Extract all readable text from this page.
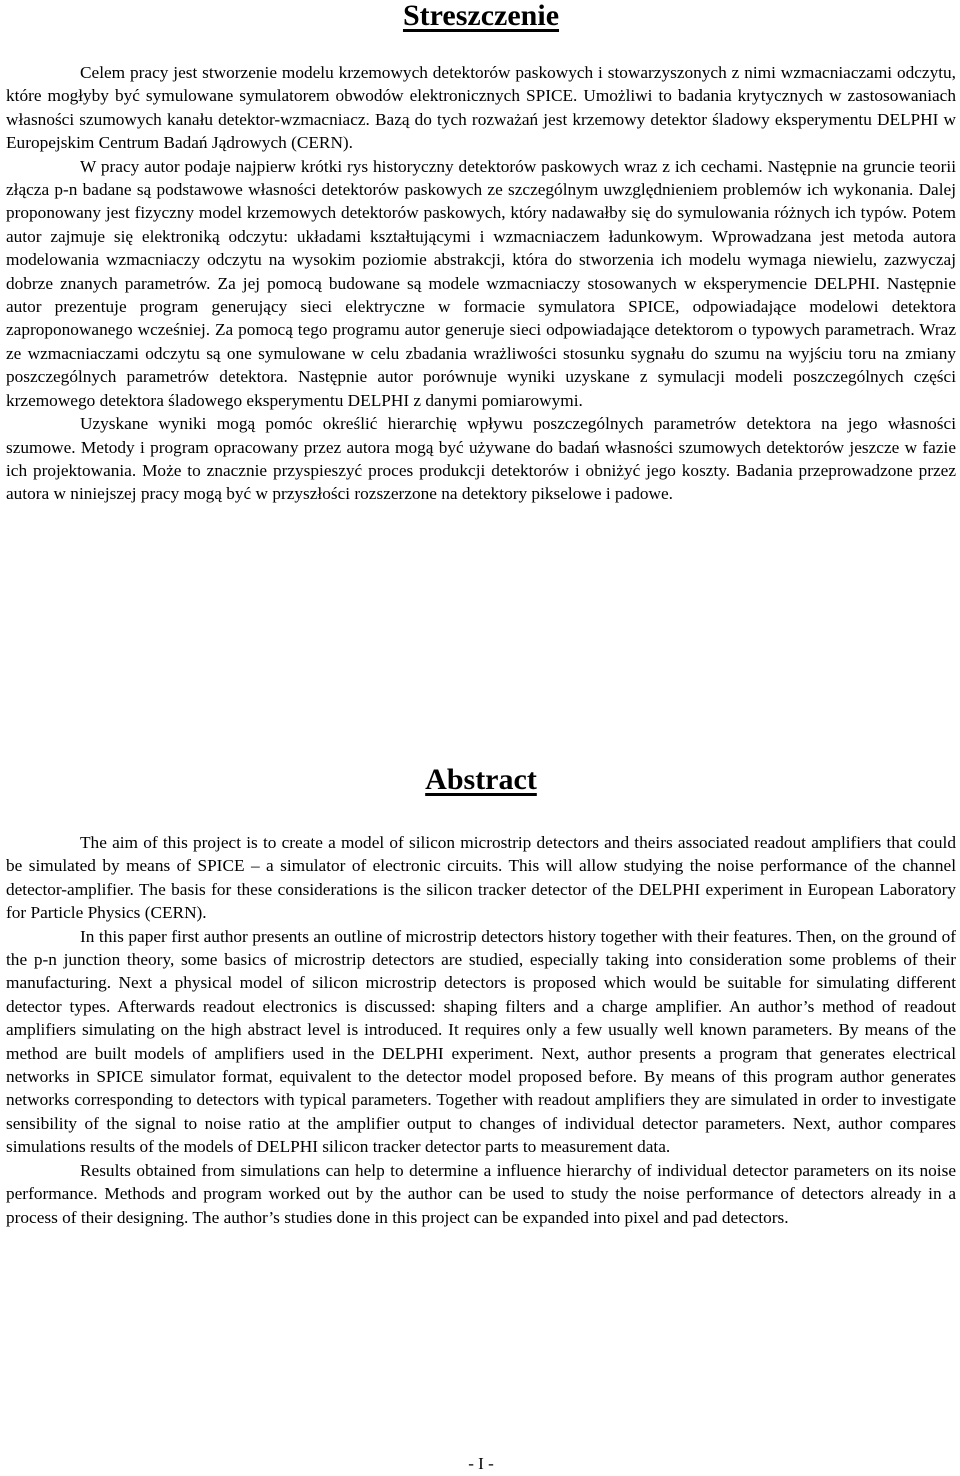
Streszczenie

Celem pracy jest stworzenie modelu krzemowych detektorów paskowych i stowarzyszonych z nimi wzmacniaczami odczytu, które mogłyby być symulowane symulatorem obwodów elektronicznych SPICE. Umożliwi to badania krytycznych w zastosowaniach własności szumowych kanału detektor-wzmacniacz. Bazą do tych rozważań jest krzemowy detektor śladowy eksperymentu DELPHI w Europejskim Centrum Badań Jądrowych (CERN).

W pracy autor podaje najpierw krótki rys historyczny detektorów paskowych wraz z ich cechami. Następnie na gruncie teorii złącza p-n badane są podstawowe własności detektorów paskowych ze szczególnym uwzględnieniem problemów ich wykonania. Dalej proponowany jest fizyczny model krzemowych detektorów paskowych, który nadawałby się do symulowania różnych ich typów. Potem autor zajmuje się elektroniką odczytu: układami kształtującymi i wzmacniaczem ładunkowym. Wprowadzana jest metoda autora modelowania wzmacniaczy odczytu na wysokim poziomie abstrakcji, która do stworzenia ich modelu wymaga niewielu, zazwyczaj dobrze znanych parametrów. Za jej pomocą budowane są modele wzmacniaczy stosowanych w eksperymencie DELPHI. Następnie autor prezentuje program generujący sieci elektryczne w formacie symulatora SPICE, odpowiadające modelowi detektora zaproponowanego wcześniej. Za pomocą tego programu autor generuje sieci odpowiadające detektorom o typowych parametrach. Wraz ze wzmacniaczami odczytu są one symulowane w celu zbadania wrażliwości stosunku sygnału do szumu na wyjściu toru na zmiany poszczególnych parametrów detektora. Następnie autor porównuje wyniki uzyskane z symulacji modeli poszczególnych części krzemowego detektora śladowego eksperymentu DELPHI z danymi pomiarowymi.

Uzyskane wyniki mogą pomóc określić hierarchię wpływu poszczególnych parametrów detektora na jego własności szumowe. Metody i program opracowany przez autora mogą być używane do badań własności szumowych detektorów jeszcze w fazie ich projektowania. Może to znacznie przyspieszyć proces produkcji detektorów i obniżyć jego koszty. Badania przeprowadzone przez autora w niniejszej pracy mogą być w przyszłości rozszerzone na detektory pikselowe i padowe.

Abstract

The aim of this project is to create a model of silicon microstrip detectors and theirs associated readout amplifiers that could be simulated by means of SPICE – a simulator of electronic circuits. This will allow studying the noise performance of the channel detector-amplifier. The basis for these considerations is the silicon tracker detector of the DELPHI experiment in European Laboratory for Particle Physics (CERN).

In this paper first author presents an outline of microstrip detectors history together with their features. Then, on the ground of the p-n junction theory, some basics of microstrip detectors are studied, especially taking into consideration some problems of their manufacturing. Next a physical model of silicon microstrip detectors is proposed which would be suitable for simulating different detector types. Afterwards readout electronics is discussed: shaping filters and a charge amplifier. An author’s method of readout amplifiers simulating on the high abstract level is introduced. It requires only a few usually well known parameters. By means of the method are built models of amplifiers used in the DELPHI experiment. Next, author presents a program that generates electrical networks in SPICE simulator format, equivalent to the detector model proposed before. By means of this program author generates networks corresponding to detectors with typical parameters. Together with readout amplifiers they are simulated in order to investigate sensibility of the signal to noise ratio at the amplifier output to changes of individual detector parameters. Next, author compares simulations results of the models of DELPHI silicon tracker detector parts to measurement data.

Results obtained from simulations can help to determine a influence hierarchy of individual detector parameters on its noise performance. Methods and program worked out by the author can be used to study the noise performance of detectors already in a process of their designing. The author’s studies done in this project can be expanded into pixel and pad detectors.

- I -
